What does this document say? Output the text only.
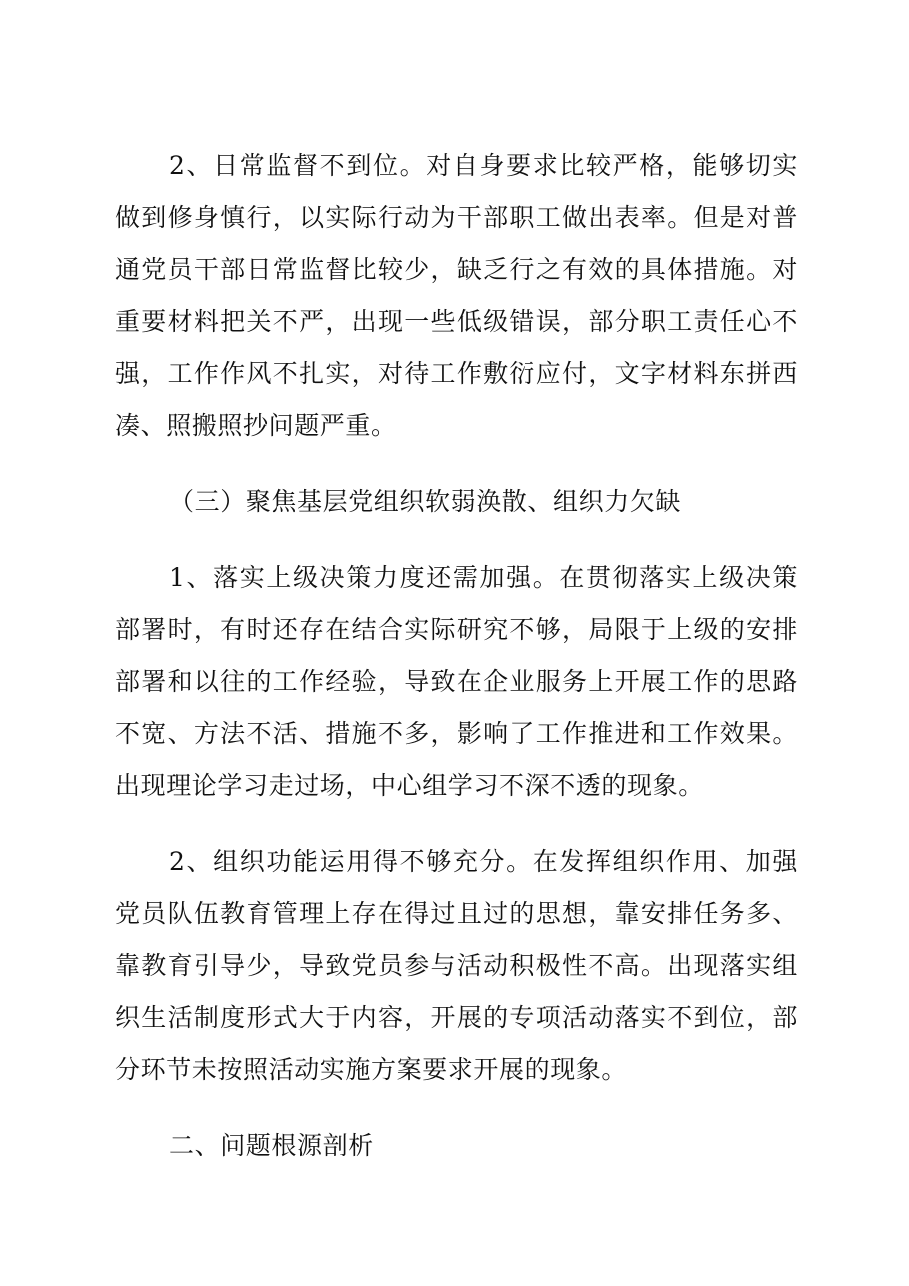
2、日常监督不到位。对自身要求比较严格，能够切实做到修身慎行，以实际行动为干部职工做出表率。但是对普通党员干部日常监督比较少，缺乏行之有效的具体措施。对重要材料把关不严，出现一些低级错误，部分职工责任心不强，工作作风不扎实，对待工作敷衍应付，文字材料东拼西凑、照搬照抄问题严重。

（三）聚焦基层党组织软弱涣散、组织力欠缺

1、落实上级决策力度还需加强。在贯彻落实上级决策部署时，有时还存在结合实际研究不够，局限于上级的安排部署和以往的工作经验，导致在企业服务上开展工作的思路不宽、方法不活、措施不多，影响了工作推进和工作效果。出现理论学习走过场，中心组学习不深不透的现象。

2、组织功能运用得不够充分。在发挥组织作用、加强党员队伍教育管理上存在得过且过的思想，靠安排任务多、靠教育引导少，导致党员参与活动积极性不高。出现落实组织生活制度形式大于内容，开展的专项活动落实不到位，部分环节未按照活动实施方案要求开展的现象。

二、问题根源剖析
